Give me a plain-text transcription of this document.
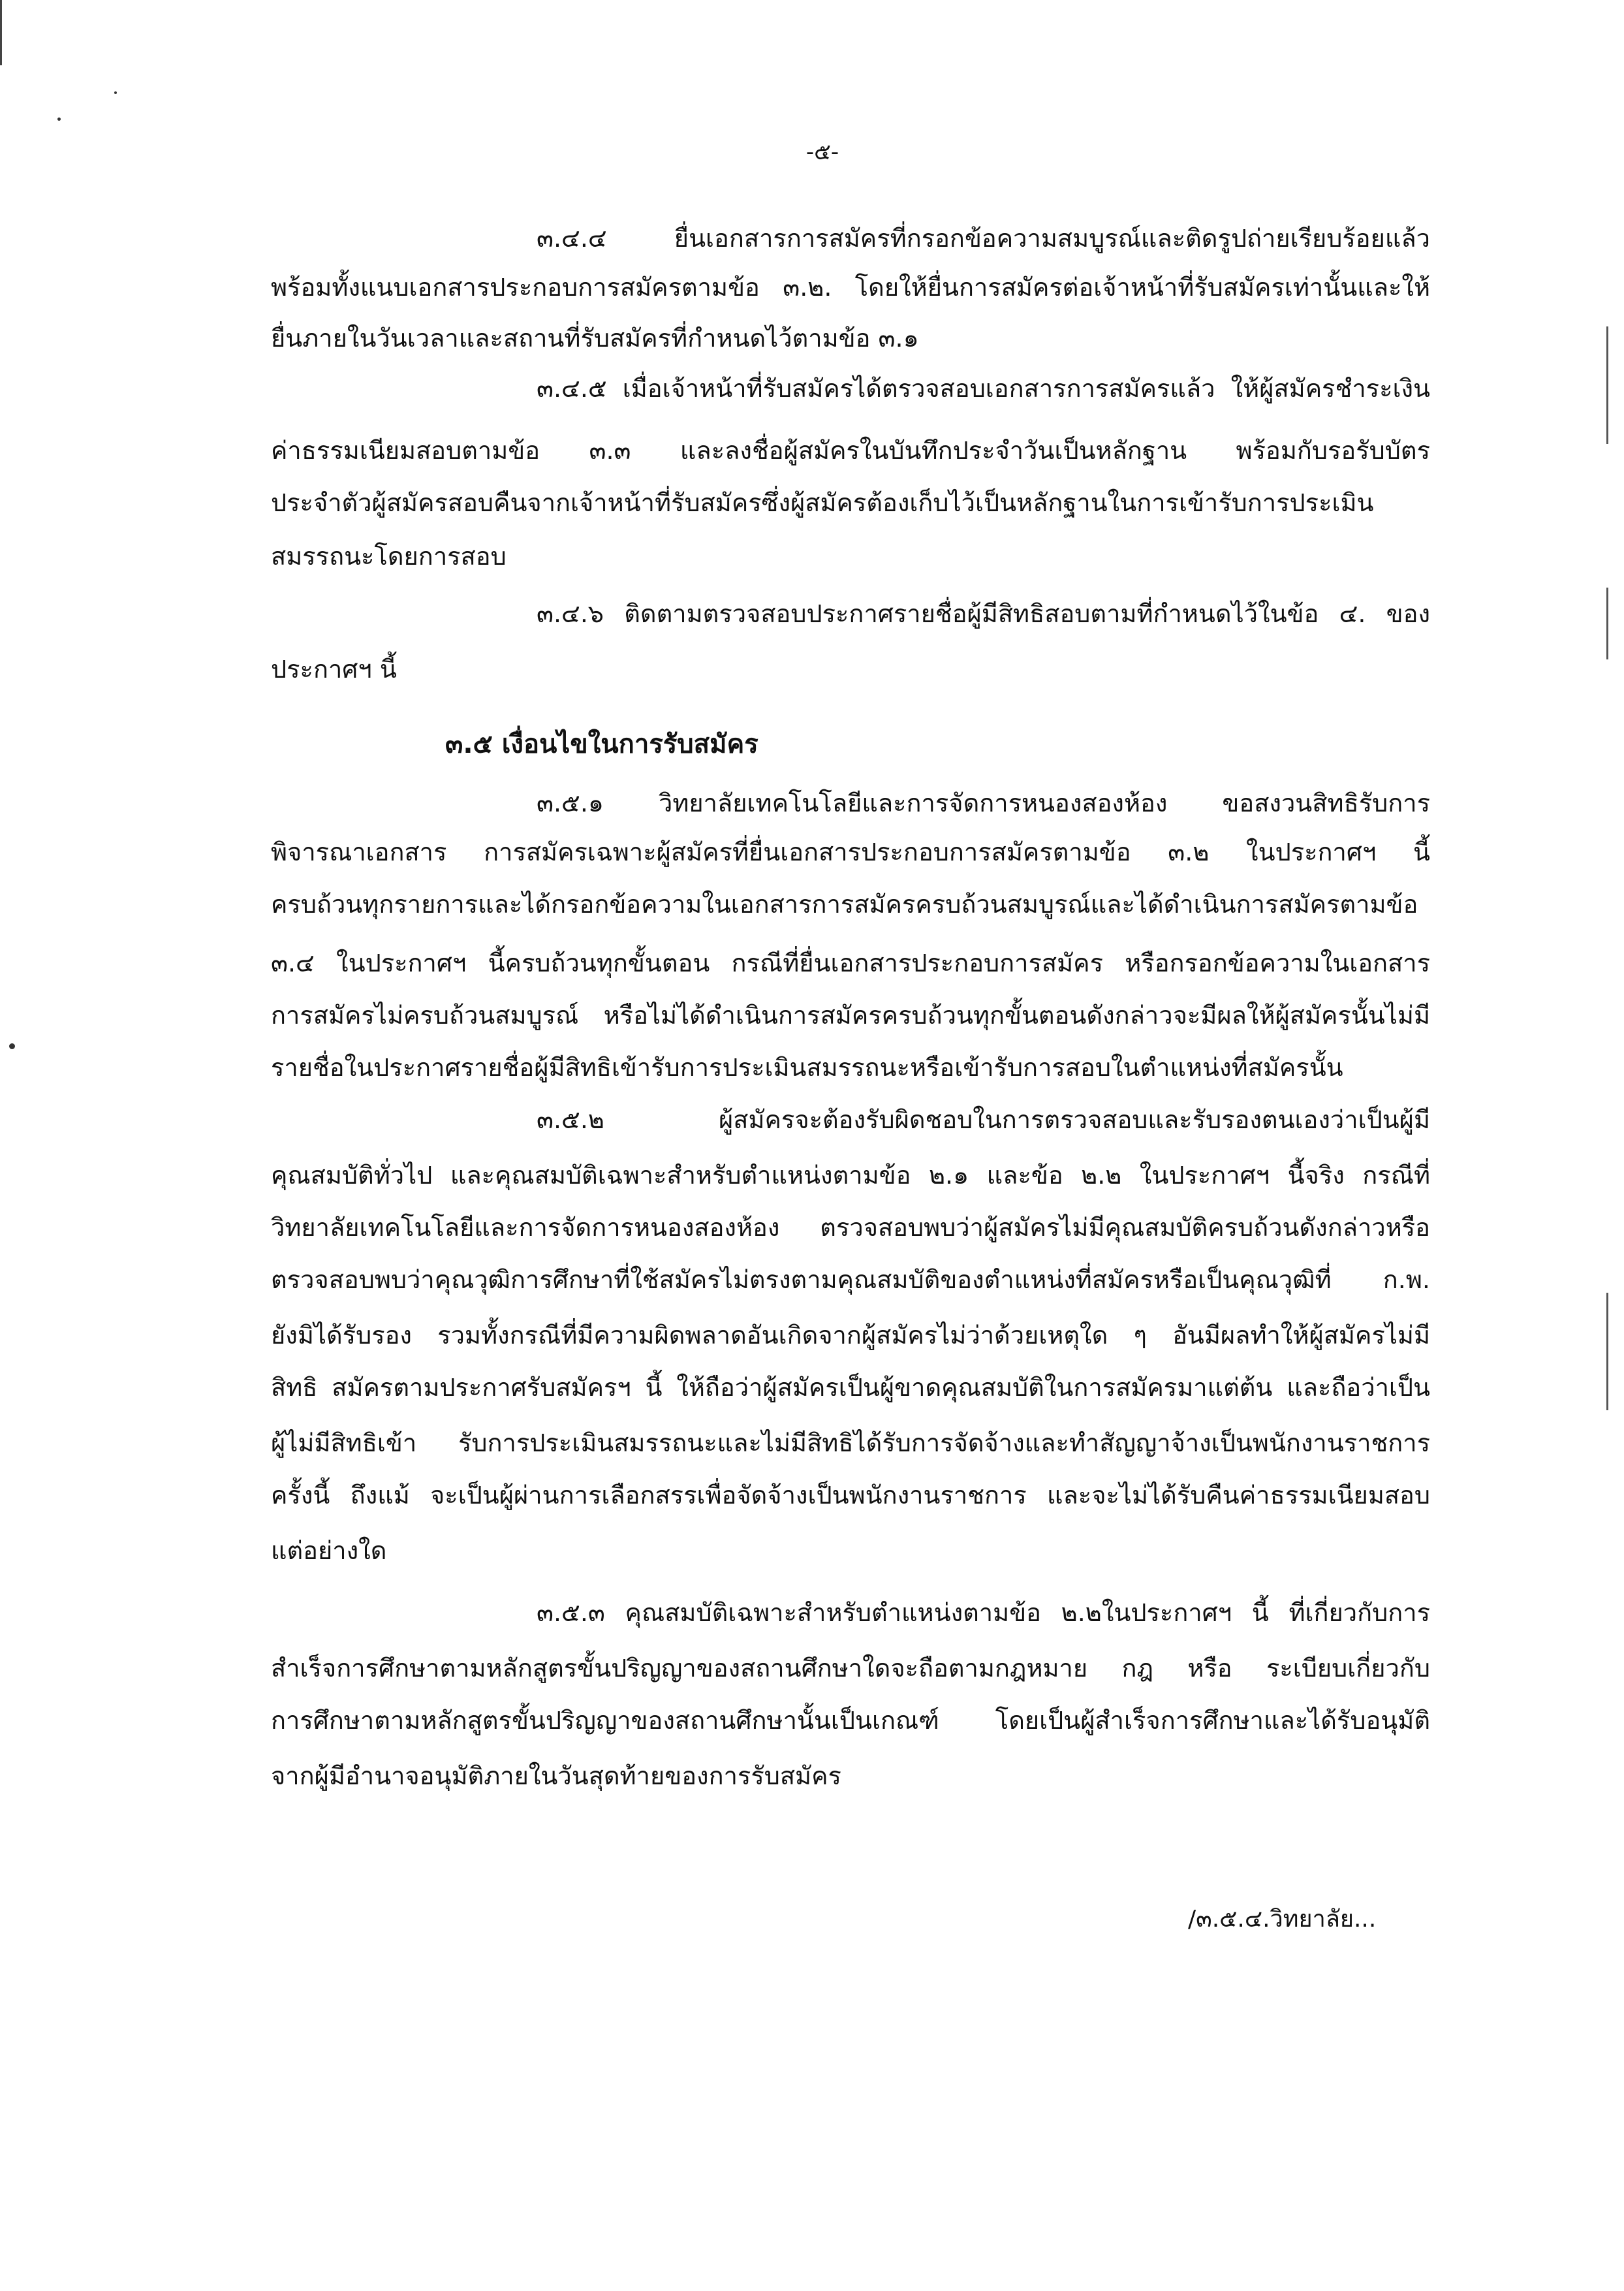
-๕-
๓.๔.๔ ยื่นเอกสารการสมัครที่กรอกข้อความสมบูรณ์และติดรูปถ่ายเรียบร้อยแล้ว
พร้อมทั้งแนบเอกสารประกอบการสมัครตามข้อ ๓.๒. โดยให้ยื่นการสมัครต่อเจ้าหน้าที่รับสมัครเท่านั้นและให้
ยื่นภายในวันเวลาและสถานที่รับสมัครที่กำหนดไว้ตามข้อ ๓.๑
๓.๔.๕ เมื่อเจ้าหน้าที่รับสมัครได้ตรวจสอบเอกสารการสมัครแล้ว ให้ผู้สมัครชำระเงิน
ค่าธรรมเนียมสอบตามข้อ ๓.๓ และลงชื่อผู้สมัครในบันทึกประจำวันเป็นหลักฐาน พร้อมกับรอรับบัตร
ประจำตัวผู้สมัครสอบคืนจากเจ้าหน้าที่รับสมัครซึ่งผู้สมัครต้องเก็บไว้เป็นหลักฐานในการเข้ารับการประเมิน
สมรรถนะโดยการสอบ
๓.๔.๖ ติดตามตรวจสอบประกาศรายชื่อผู้มีสิทธิสอบตามที่กำหนดไว้ในข้อ ๔. ของ
ประกาศฯ นี้
๓.๕ เงื่อนไขในการรับสมัคร
๓.๕.๑ วิทยาลัยเทคโนโลยีและการจัดการหนองสองห้อง ขอสงวนสิทธิรับการ
พิจารณาเอกสาร การสมัครเฉพาะผู้สมัครที่ยื่นเอกสารประกอบการสมัครตามข้อ ๓.๒ ในประกาศฯ นี้
ครบถ้วนทุกรายการและได้กรอกข้อความในเอกสารการสมัครครบถ้วนสมบูรณ์และได้ดำเนินการสมัครตามข้อ
๓.๔ ในประกาศฯ นี้ครบถ้วนทุกขั้นตอน กรณีที่ยื่นเอกสารประกอบการสมัคร หรือกรอกข้อความในเอกสาร
การสมัครไม่ครบถ้วนสมบูรณ์ หรือไม่ได้ดำเนินการสมัครครบถ้วนทุกขั้นตอนดังกล่าวจะมีผลให้ผู้สมัครนั้นไม่มี
รายชื่อในประกาศรายชื่อผู้มีสิทธิเข้ารับการประเมินสมรรถนะหรือเข้ารับการสอบในตำแหน่งที่สมัครนั้น
๓.๕.๒ ผู้สมัครจะต้องรับผิดชอบในการตรวจสอบและรับรองตนเองว่าเป็นผู้มี
คุณสมบัติทั่วไป และคุณสมบัติเฉพาะสำหรับตำแหน่งตามข้อ ๒.๑ และข้อ ๒.๒ ในประกาศฯ นี้จริง กรณีที่
วิทยาลัยเทคโนโลยีและการจัดการหนองสองห้อง ตรวจสอบพบว่าผู้สมัครไม่มีคุณสมบัติครบถ้วนดังกล่าวหรือ
ตรวจสอบพบว่าคุณวุฒิการศึกษาที่ใช้สมัครไม่ตรงตามคุณสมบัติของตำแหน่งที่สมัครหรือเป็นคุณวุฒิที่ ก.พ.
ยังมิได้รับรอง รวมทั้งกรณีที่มีความผิดพลาดอันเกิดจากผู้สมัครไม่ว่าด้วยเหตุใด ๆ อันมีผลทำให้ผู้สมัครไม่มี
สิทธิ สมัครตามประกาศรับสมัครฯ นี้ ให้ถือว่าผู้สมัครเป็นผู้ขาดคุณสมบัติในการสมัครมาแต่ต้น และถือว่าเป็น
ผู้ไม่มีสิทธิเข้า รับการประเมินสมรรถนะและไม่มีสิทธิได้รับการจัดจ้างและทำสัญญาจ้างเป็นพนักงานราชการ
ครั้งนี้ ถึงแม้ จะเป็นผู้ผ่านการเลือกสรรเพื่อจัดจ้างเป็นพนักงานราชการ และจะไม่ได้รับคืนค่าธรรมเนียมสอบ
แต่อย่างใด
๓.๕.๓ คุณสมบัติเฉพาะสำหรับตำแหน่งตามข้อ ๒.๒ในประกาศฯ นี้ ที่เกี่ยวกับการ
สำเร็จการศึกษาตามหลักสูตรขั้นปริญญาของสถานศึกษาใดจะถือตามกฎหมาย กฎ หรือ ระเบียบเกี่ยวกับ
การศึกษาตามหลักสูตรขั้นปริญญาของสถานศึกษานั้นเป็นเกณฑ์ โดยเป็นผู้สำเร็จการศึกษาและได้รับอนุมัติ
จากผู้มีอำนาจอนุมัติภายในวันสุดท้ายของการรับสมัคร
/๓.๕.๔.วิทยาลัย...
